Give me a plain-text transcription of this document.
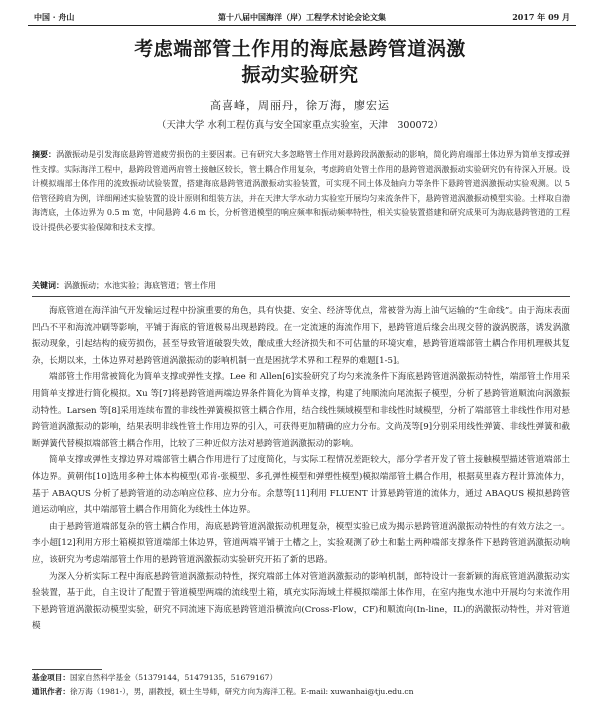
中国 · 舟山	第十八届中国海洋（岸）工程学术讨论会论文集	2017 年 09 月
考虑端部管土作用的海底悬跨管道涡激
振动实验研究
高喜峰，周丽丹，徐万海，廖宏运
（天津大学 水利工程仿真与安全国家重点实验室，天津　300072）
摘要：涡激振动是引发海底悬跨管道疲劳损伤的主要因素。已有研究大多忽略管土作用对悬跨段涡激振动的影响，简化跨肩端部土体边界为简单支撑或弹性支撑。实际海洋工程中，悬跨段管道两肩管土接触区较长，管土耦合作用复杂，考虑跨肩处管土作用的悬跨管道涡激振动实验研究仍有待深入开展。设计模拟端部土体作用的流致振动试验装置，搭建海底悬跨管道涡激振动实验装置，可实现不同土体及轴向力等条件下悬跨管道涡激振动实验观测。以 5 倍管径跨肩为例，详细阐述实验装置的设计原则和组装方法，并在天津大学水动力实验室开展均匀来流条件下，悬跨管道涡激振动模型实验。土样取自渤海湾底，土体边界为 0.5 m 宽，中间悬跨 4.6 m 长，分析管道模型的响应频率和振动频率特性，相关实验装置搭建和研究成果可为海底悬跨管道的工程设计提供必要实验保障和技术支撑。
关键词：涡激振动；水池实验；海底管道；管土作用

海底管道在海洋油气开发输运过程中扮演重要的角色，具有快捷、安全、经济等优点，常被誉为海上油气运输的“生命线”。由于海床表面凹凸不平和海流冲刷等影响，平铺于海底的管道极易出现悬跨段。在一定流速的海流作用下，悬跨管道后缘会出现交替的漩涡脱落，诱发涡激振动现象，引起结构的疲劳损伤，甚至导致管道破裂失效，酿成重大经济损失和不可估量的环境灾难，悬跨管道端部管土耦合作用机理极其复杂，长期以来，土体边界对悬跨管道涡激振动的影响机制一直是困扰学术界和工程界的难题[1-5]。

端部管土作用常被简化为简单支撑或弹性支撑。Lee 和 Allen[6]实验研究了均匀来流条件下海底悬跨管道涡激振动特性，端部管土作用采用简单支撑进行简化模拟。Xu 等[7]将悬跨管道两端边界条件简化为简单支撑，构建了纯顺流向尾流振子模型，分析了悬跨管道顺流向涡激振动特性。Larsen 等[8]采用连续布置的非线性弹簧模拟管土耦合作用，结合线性频域模型和非线性时域模型，分析了端部管土非线性作用对悬跨管道涡激振动的影响，结果表明非线性管土作用边界的引入，可获得更加精确的应力分布。文尚茂等[9]分别采用线性弹簧、非线性弹簧和截断弹簧代替模拟端部管土耦合作用，比较了三种近似方法对悬跨管道涡激振动的影响。

简单支撑或弹性支撑边界对端部管土耦合作用进行了过度简化，与实际工程情况差距较大，部分学者开发了管土接触模型描述管道端部土体边界。黄朝伟[10]选用多种土体本构模型(邓肯-张模型、多孔弹性模型和弹塑性模型)模拟端部管土耦合作用，根据莫里森方程计算流体力，基于 ABAQUS 分析了悬跨管道的动态响应位移、应力分布。余慧等[11]利用 FLUENT 计算悬跨管道的流体力，通过 ABAQUS 模拟悬跨管道运动响应，其中端部管土耦合作用简化为线性土体边界。

由于悬跨管道端部复杂的管土耦合作用，海底悬跨管道涡激振动机理复杂，模型实验已成为揭示悬跨管道涡激振动特性的有效方法之一。李小超[12]利用方形土箱模拟管道端部土体边界，管道两端平铺于土槽之上，实验观测了砂土和黏土两种端部支撑条件下悬跨管道涡激振动响应，该研究为考虑端部管土作用的悬跨管道涡激振动实验研究开拓了新的思路。

为深入分析实际工程中海底悬跨管道涡激振动特性，探究端部土体对管道涡激振动的影响机制，郎特设计一套新颖的海底管道涡激振动实验装置，基于此，自主设计了配置于管道模型两端的流线型土箱，填充实际海域土样模拟端部土体作用，在室内拖曳水池中开展均匀来流作用下悬跨管道涡激振动模型实验，研究不同流速下海底悬跨管道沿横流向(Cross-Flow，CF)和顺流向(In-line，IL)的涡激振动特性，并对管道模

基金项目：国家自然科学基金（51379144，51479135，51679167）
通讯作者：徐万海（1981-），男，副教授，硕士生导师，研究方向为海洋工程。E-mail: xuwanhai@tju.edu.cn
